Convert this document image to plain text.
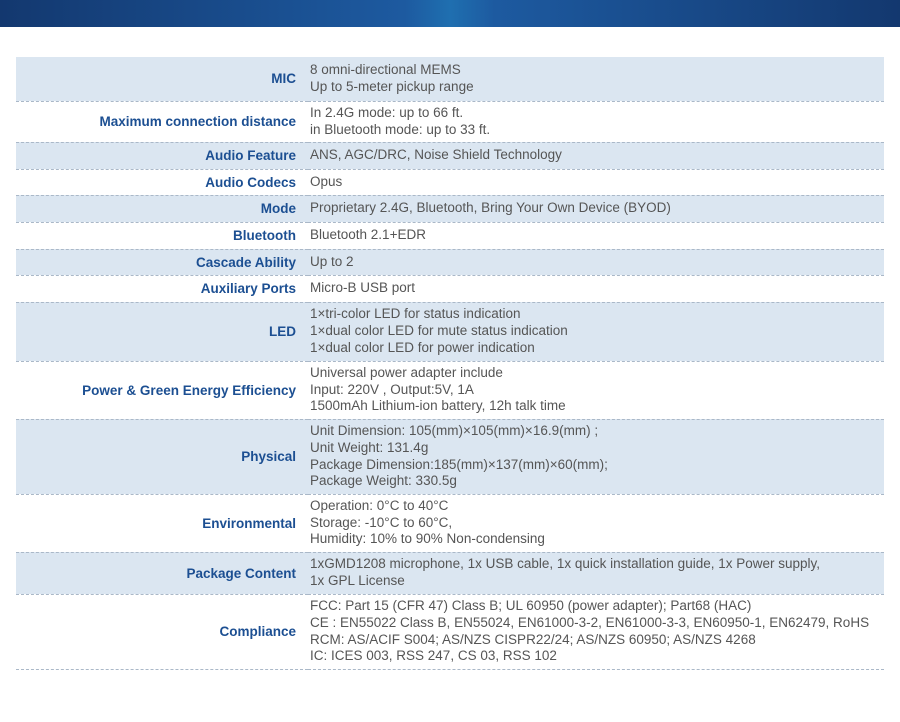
MIC	8 omni-directional MEMS
Up to 5-meter pickup range

Maximum connection distance	In 2.4G mode: up to 66 ft.
in Bluetooth mode: up to 33 ft.

Audio Feature	ANS, AGC/DRC, Noise Shield Technology

Audio Codecs	Opus

Mode	Proprietary 2.4G, Bluetooth, Bring Your Own Device (BYOD)

Bluetooth	Bluetooth 2.1+EDR

Cascade Ability	Up to 2

Auxiliary Ports	Micro-B USB port

LED	1×tri-color LED for status indication
1×dual color LED for mute status indication
1×dual color LED for power indication

Power & Green Energy Efficiency	Universal power adapter include
Input: 220V , Output:5V, 1A
1500mAh Lithium-ion battery, 12h talk time

Physical	Unit Dimension: 105(mm)×105(mm)×16.9(mm) ;
Unit Weight: 131.4g
Package Dimension:185(mm)×137(mm)×60(mm);
Package Weight: 330.5g

Environmental	Operation: 0°C to 40°C
Storage: -10°C to 60°C,
Humidity: 10% to 90% Non-condensing

Package Content	1xGMD1208 microphone, 1x USB cable, 1x quick installation guide, 1x Power supply,
1x GPL License

Compliance	FCC: Part 15 (CFR 47) Class B; UL 60950 (power adapter); Part68 (HAC)
CE : EN55022 Class B, EN55024, EN61000-3-2, EN61000-3-3, EN60950-1, EN62479, RoHS
RCM: AS/ACIF S004; AS/NZS CISPR22/24; AS/NZS 60950; AS/NZS 4268
IC: ICES 003, RSS 247, CS 03, RSS 102
